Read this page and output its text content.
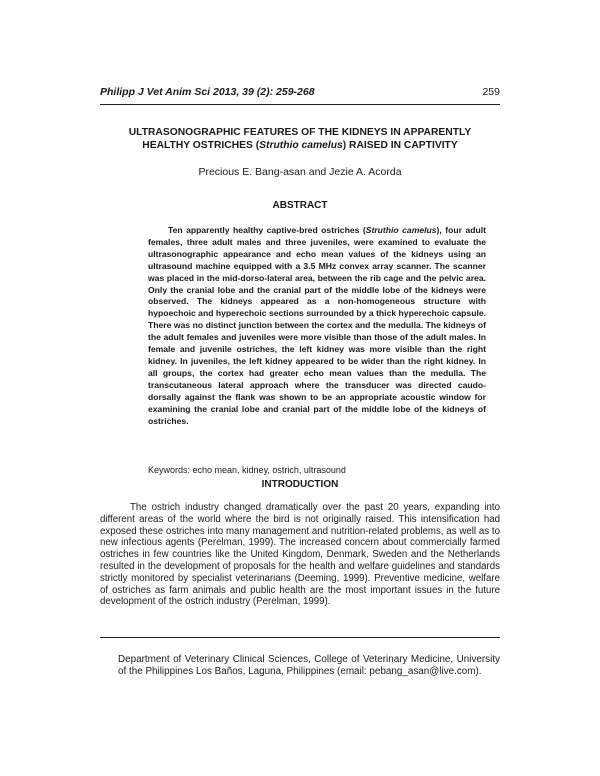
Philipp J Vet Anim Sci 2013, 39 (2): 259-268	259
ULTRASONOGRAPHIC FEATURES OF THE KIDNEYS IN APPARENTLY
HEALTHY OSTRICHES (Struthio camelus) RAISED IN CAPTIVITY
Precious E. Bang-asan and Jezie A. Acorda
ABSTRACT

Ten apparently healthy captive-bred ostriches (Struthio camelus), four adult females, three adult males and three juveniles, were examined to evaluate the ultrasonographic appearance and echo mean values of the kidneys using an ultrasound machine equipped with a 3.5 MHz convex array scanner. The scanner was placed in the mid-dorso-lateral area, between the rib cage and the pelvic area. Only the cranial lobe and the cranial part of the middle lobe of the kidneys were observed. The kidneys appeared as a non-homogeneous structure with hypoechoic and hyperechoic sections surrounded by a thick hyperechoic capsule. There was no distinct junction between the cortex and the medulla. The kidneys of the adult females and juveniles were more visible than those of the adult males. In female and juvenile ostriches, the left kidney was more visible than the right kidney. In juveniles, the left kidney appeared to be wider than the right kidney. In all groups, the cortex had greater echo mean values than the medulla. The transcutaneous lateral approach where the transducer was directed caudo-dorsally against the flank was shown to be an appropriate acoustic window for examining the cranial lobe and cranial part of the middle lobe of the kidneys of ostriches.

Keywords: echo mean, kidney, ostrich, ultrasound
INTRODUCTION

The ostrich industry changed dramatically over the past 20 years, expanding into different areas of the world where the bird is not originally raised. This intensification had exposed these ostriches into many management and nutrition-related problems, as well as to new infectious agents (Perelman, 1999). The increased concern about commercially farmed ostriches in few countries like the United Kingdom, Denmark, Sweden and the Netherlands resulted in the development of proposals for the health and welfare guidelines and standards strictly monitored by specialist veterinarians (Deeming, 1999). Preventive medicine, welfare of ostriches as farm animals and public health are the most important issues in the future development of the ostrich industry (Perelman, 1999).

Department of Veterinary Clinical Sciences, College of Veterinary Medicine, University of the Philippines Los Baños, Laguna, Philippines (email: pebang_asan@live.com).
